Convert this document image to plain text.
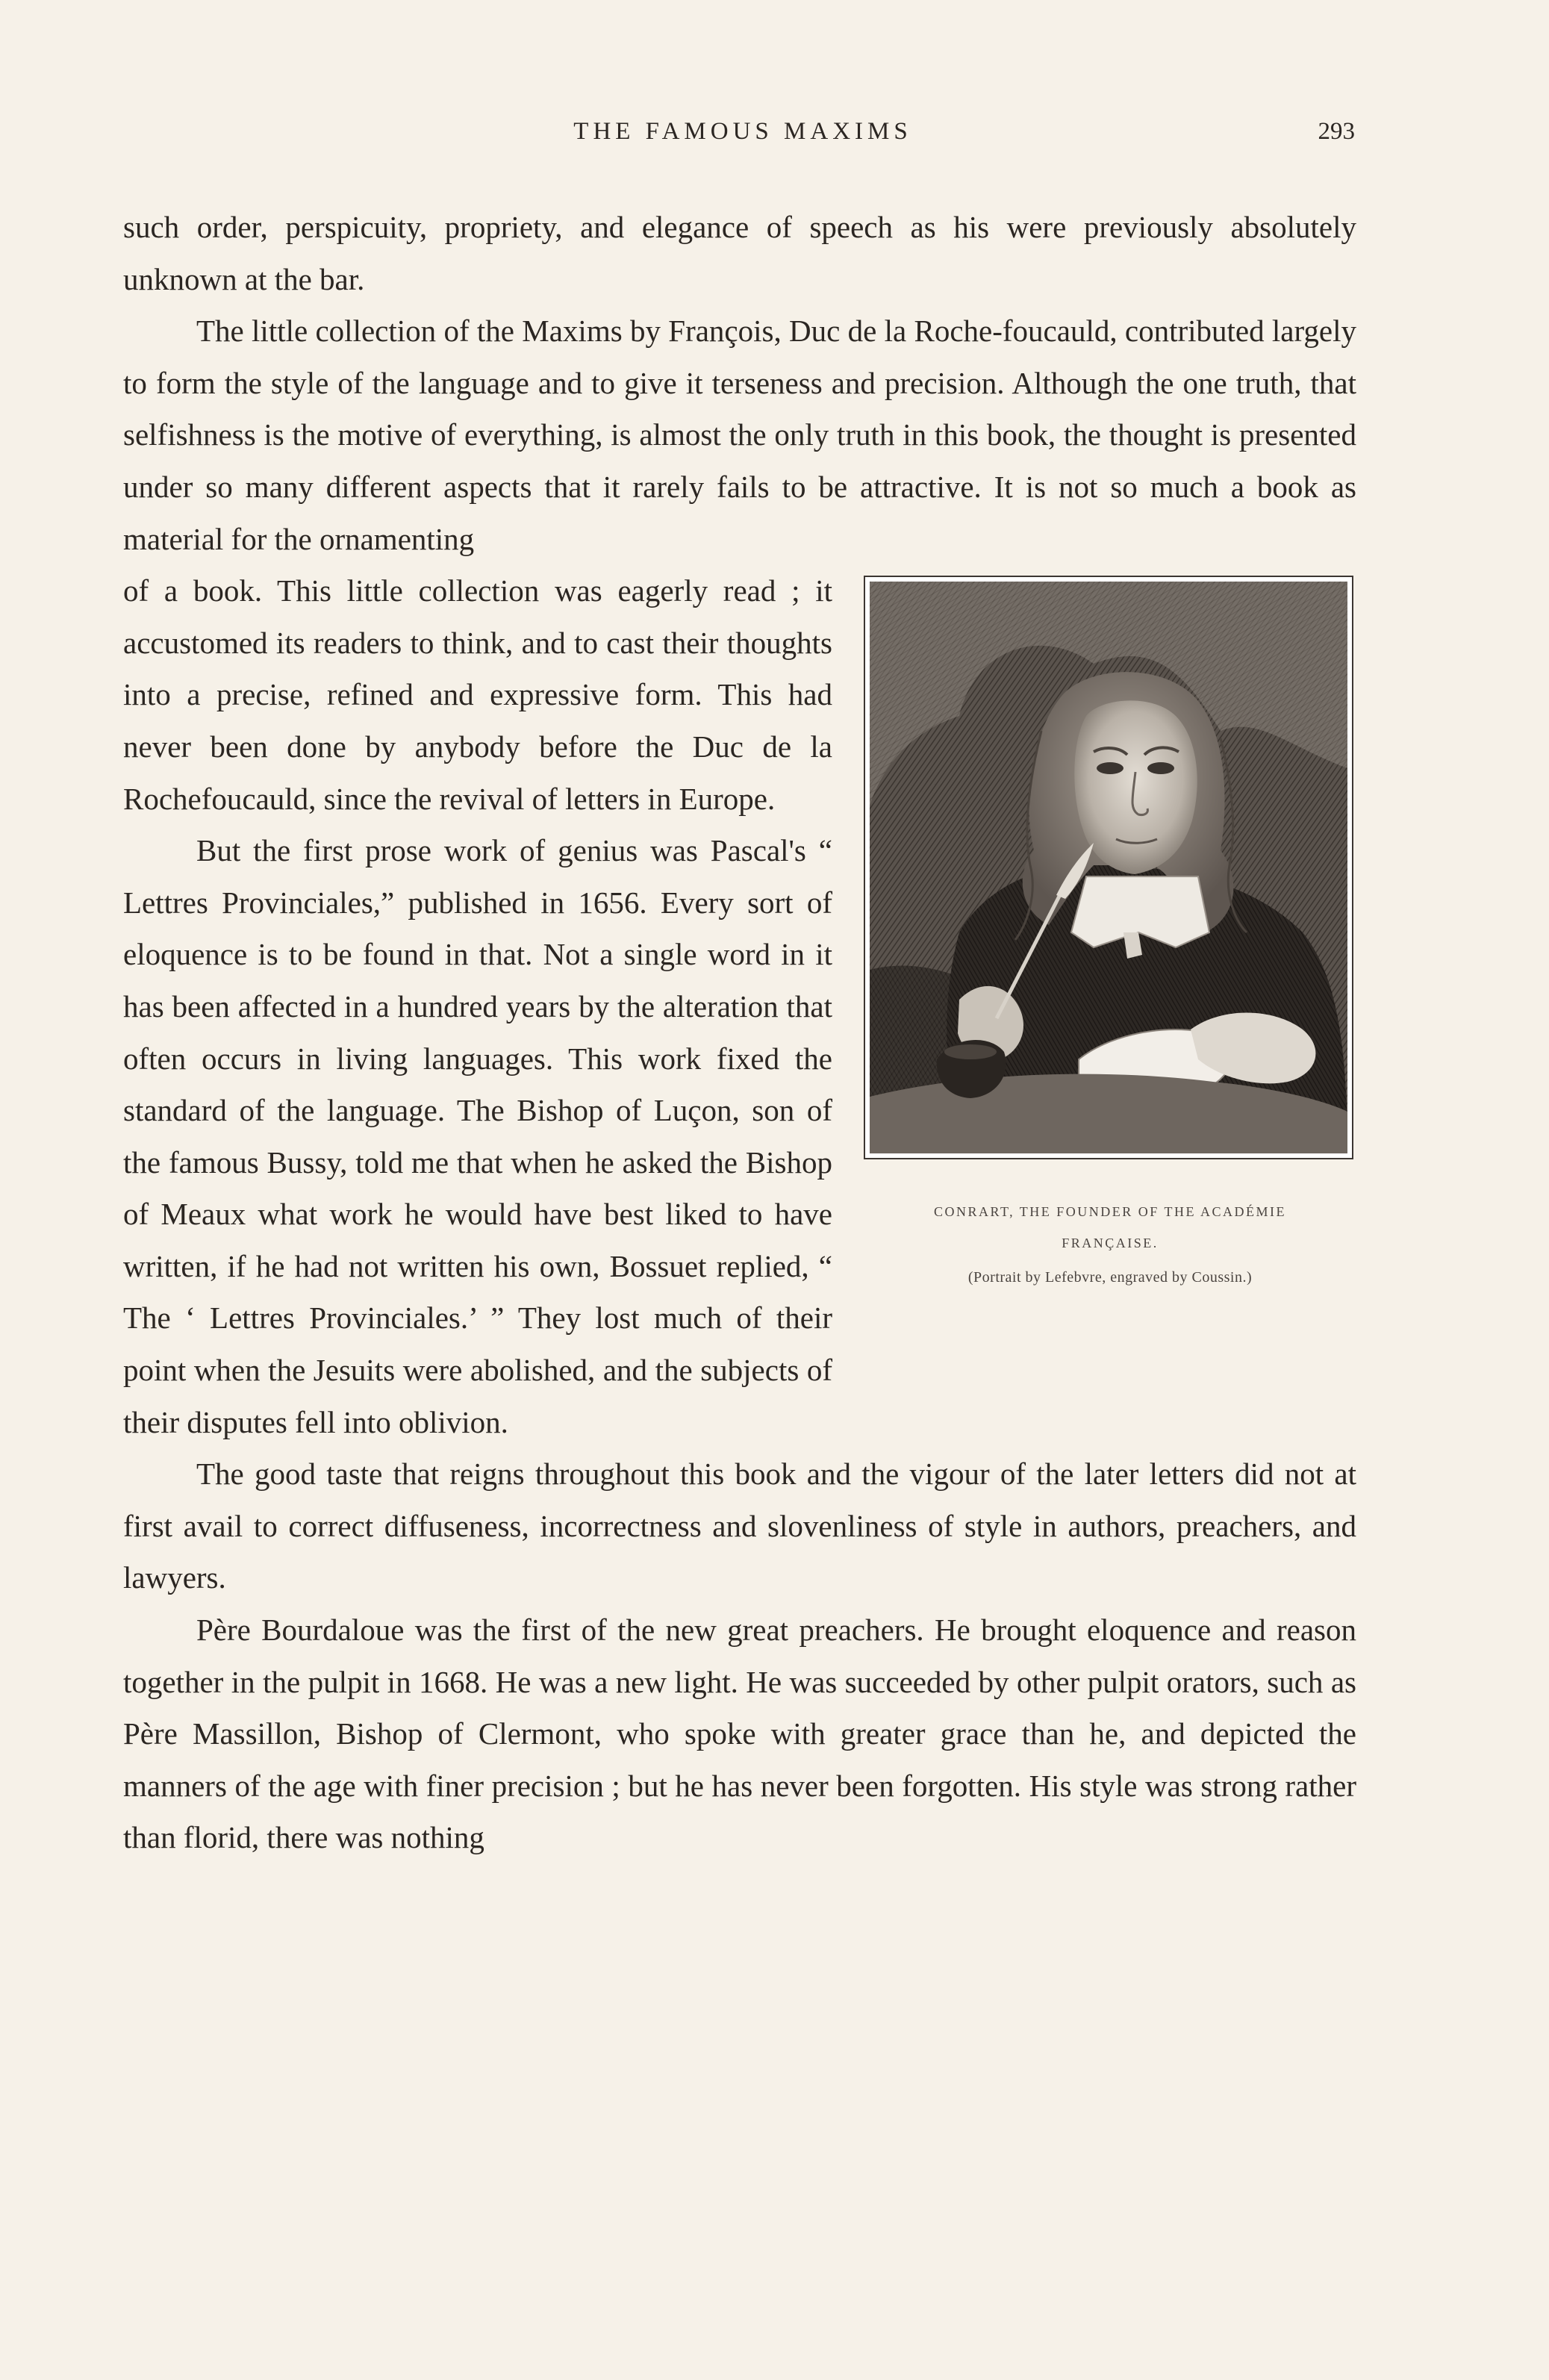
THE FAMOUS MAXIMS	293

such order, perspicuity, propriety, and elegance of speech as his were previously absolutely unknown at the bar.

The little collection of the Maxims by François, Duc de la Roche-foucauld, contributed largely to form the style of the language and to give it terseness and precision. Although the one truth, that selfishness is the motive of everything, is almost the only truth in this book, the thought is presented under so many different aspects that it rarely fails to be attractive. It is not so much a book as material for the ornamenting

CONRART, THE FOUNDER OF THE ACADÉMIE
FRANÇAISE.
(Portrait by Lefebvre, engraved by Coussin.)

of a book. This little collection was eagerly read ; it accustomed its readers to think, and to cast their thoughts into a precise, refined and expressive form. This had never been done by anybody before the Duc de la Rochefoucauld, since the revival of letters in Europe.

But the first prose work of genius was Pascal's “ Lettres Provinciales,” published in 1656. Every sort of eloquence is to be found in that. Not a single word in it has been affected in a hundred years by the alteration that often occurs in living languages. This work fixed the standard of the language. The Bishop of Luçon, son of the famous Bussy, told me that when he asked the Bishop of Meaux what work he would have best liked to have written, if he had not written his own, Bossuet replied, “ The ‘ Lettres Provinciales.’ ” They lost much of their point when the Jesuits were abolished, and the subjects of their disputes fell into oblivion.

The good taste that reigns throughout this book and the vigour of the later letters did not at first avail to correct diffuseness, incorrectness and slovenliness of style in authors, preachers, and lawyers.

Père Bourdaloue was the first of the new great preachers. He brought eloquence and reason together in the pulpit in 1668. He was a new light. He was succeeded by other pulpit orators, such as Père Massillon, Bishop of Clermont, who spoke with greater grace than he, and depicted the manners of the age with finer precision ; but he has never been forgotten. His style was strong rather than florid, there was nothing
